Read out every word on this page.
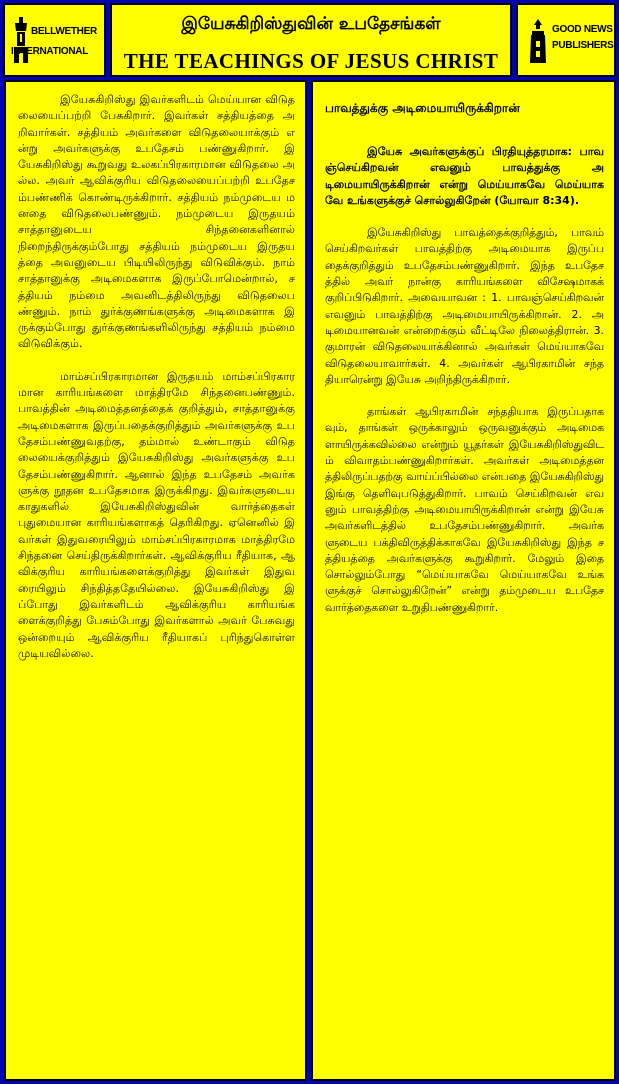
BELLWETHER
INTERNATIONAL
இயேசுகிறிஸ்துவின் உபதேசங்கள்
THE TEACHINGS OF JESUS CHRIST
GOOD NEWS
PUBLISHERS

இயேசுகிறிஸ்து இவர்களிடம் மெய்யான விடுதலையைப்பற்றி பேசுகிறார். இவர்கள் சத்தியத்தை அறிவார்கள். சத்தியம் அவர்களை விடுதலையாக்கும் என்று அவர்களுக்கு உபதேசம் பண்ணுகிறார். இயேசுகிறிஸ்து கூறுவது உலகப்பிரகாரமான விடுதலை அல்ல. அவர் ஆவிக்குரிய விடுதலையைப்பற்றி உபதேசம்பண்ணிக் கொண்டிருக்கிறார். சத்தியம் நம்முடைய மனதை விடுதலைபண்ணும். நம்முடைய இருதயம் சாத்தானுடைய சிந்தனைகளினால் நிறைந்திருக்கும்போது சத்தியம் நம்முடைய இருதயத்தை அவனுடைய பிடியிலிருந்து விடுவிக்கும். நாம் சாத்தானுக்கு அடிமைகளாக இருப்போமென்றால், சத்தியம் நம்மை அவனிடத்திலிருந்து விடுதலைபண்ணும். நாம் துர்க்குணங்களுக்கு அடிமைகளாக இருக்கும்போது துர்க்குணங்களிலிருந்து சத்தியம் நம்மை விடுவிக்கும்.

மாம்சப்பிரகாரமான இருதயம் மாம்சப்பிரகாரமான காரியங்களை மாத்திரமே சிந்தனைபண்ணும். பாவத்தின் அடிமைத்தனத்தைக் குறித்தும், சாத்தானுக்கு அடிமைகளாக இருப்பதைக்குறித்தும் அவர்களுக்கு உபதேசம்பண்ணுவதற்கு, தம்மால் உண்டாகும் விடுதலையைக்குறித்தும் இயேசுகிறிஸ்து அவர்களுக்கு உபதேசம்பண்ணுகிறார். ஆனால் இந்த உபதேசம் அவர்களுக்கு நூதன உபதேசமாக இருக்கிறது. இவர்களுடைய காதுகளில் இயேசுகிறிஸ்துவின் வார்த்தைகள் புதுமையான காரியங்களாகத் தெரிகிறது. ஏனெனில் இவர்கள் இதுவரையிலும் மாம்சப்பிரகாரமாக மாத்திரமே சிந்தனை செய்திருக்கிறார்கள். ஆவிக்குரிய ரீதியாக, ஆவிக்குரிய காரியங்களைக்குறித்து இவர்கள் இதுவரையிலும் சிந்தித்ததேயில்லை. இயேசுகிறிஸ்து இப்போது இவர்களிடம் ஆவிக்குரிய காரியங்களைக்குறித்து பேசும்போது இவர்களால் அவர் பேசுவது ஒன்றையும் ஆவிக்குரிய ரீதியாகப் புரிந்துகொள்ள முடியவில்லை.

பாவத்துக்கு அடிமையாயிருக்கிறான்

இயேசு அவர்களுக்குப் பிரதியுத்தரமாக: பாவஞ்செய்கிறவன் எவனும் பாவத்துக்கு அடிமையாயிருக்கிறான் என்று மெய்யாகவே மெய்யாகவே உங்களுக்குச் சொல்லுகிறேன் (யோவா 8:34).

இயேசுகிறிஸ்து பாவத்தைக்குறித்தும், பாவம் செய்கிறவர்கள் பாவத்திற்கு அடிமையாக இருப்பதைக்குறித்தும் உபதேசம்பண்ணுகிறார். இந்த உபதேசத்தில் அவர் நான்கு காரியங்களை விசேஷமாகக் குறிப்பிடுகிறார். அவையாவன : 1. பாவஞ்செய்கிறவன் எவனும் பாவத்திற்கு அடிமையாயிருக்கிறான். 2. அடிமையானவன் என்றைக்கும் வீட்டிலே நிலைத்திரான். 3. குமாரன் விடுதலையாக்கினால் அவர்கள் மெய்யாகவே விடுதலையாவார்கள். 4. அவர்கள் ஆபிரகாமின் சந்ததியாரென்று இயேசு அறிந்திருக்கிறார்.

தாங்கள் ஆபிரகாமின் சந்ததியாக இருப்பதாகவும், தாங்கள் ஒருக்காலும் ஒருவனுக்கும் அடிமைகளாயிருக்கவில்லை என்றும் யூதர்கள் இயேசுகிறிஸ்துவிடம் விவாதம்பண்ணுகிறார்கள். அவர்கள் அடிமைத்தனத்திலிருப்பதற்கு வாய்ப்பில்லை என்பதை இயேசுகிறிஸ்து இங்கு தெளிவுபடுத்துகிறார். பாவம் செய்கிறவன் எவனும் பாவத்திற்கு அடிமையாயிருக்கிறான் என்று இயேசு அவர்களிடத்தில் உபதேசம்பண்ணுகிறார். அவர்களுடைய பக்திவிருத்திக்காகவே இயேசுகிறிஸ்து இந்த சத்தியத்தை அவர்களுக்கு கூறுகிறார். மேலும் இதை சொல்லும்போது “மெய்யாகவே மெய்யாகவே உங்களுக்குச் சொல்லுகிறேன்” என்று தம்முடைய உபதேச வார்த்தைகளை உறுதிபண்ணுகிறார்.
